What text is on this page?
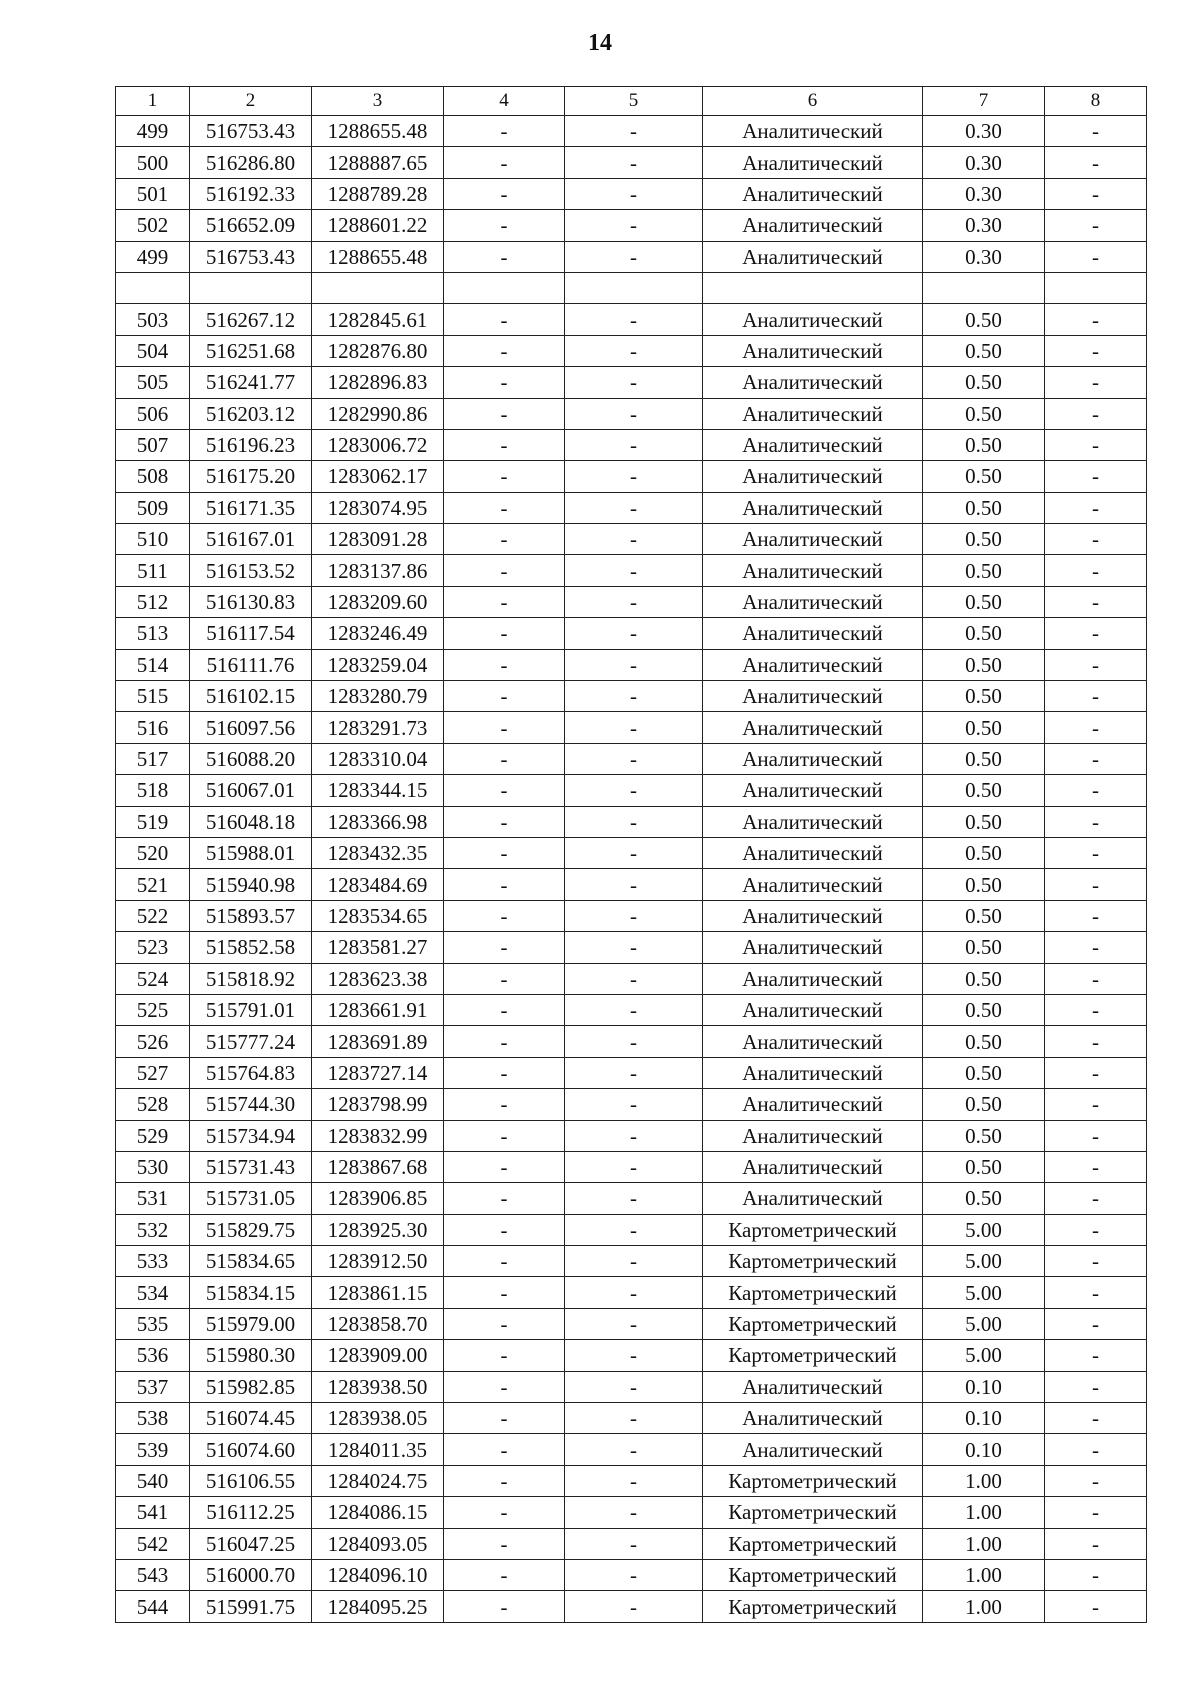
14
1	2	3	4	5	6	7	8
499	516753.43	1288655.48	-	-	Аналитический	0.30	-
500	516286.80	1288887.65	-	-	Аналитический	0.30	-
501	516192.33	1288789.28	-	-	Аналитический	0.30	-
502	516652.09	1288601.22	-	-	Аналитический	0.30	-
499	516753.43	1288655.48	-	-	Аналитический	0.30	-

503	516267.12	1282845.61	-	-	Аналитический	0.50	-
504	516251.68	1282876.80	-	-	Аналитический	0.50	-
505	516241.77	1282896.83	-	-	Аналитический	0.50	-
506	516203.12	1282990.86	-	-	Аналитический	0.50	-
507	516196.23	1283006.72	-	-	Аналитический	0.50	-
508	516175.20	1283062.17	-	-	Аналитический	0.50	-
509	516171.35	1283074.95	-	-	Аналитический	0.50	-
510	516167.01	1283091.28	-	-	Аналитический	0.50	-
511	516153.52	1283137.86	-	-	Аналитический	0.50	-
512	516130.83	1283209.60	-	-	Аналитический	0.50	-
513	516117.54	1283246.49	-	-	Аналитический	0.50	-
514	516111.76	1283259.04	-	-	Аналитический	0.50	-
515	516102.15	1283280.79	-	-	Аналитический	0.50	-
516	516097.56	1283291.73	-	-	Аналитический	0.50	-
517	516088.20	1283310.04	-	-	Аналитический	0.50	-
518	516067.01	1283344.15	-	-	Аналитический	0.50	-
519	516048.18	1283366.98	-	-	Аналитический	0.50	-
520	515988.01	1283432.35	-	-	Аналитический	0.50	-
521	515940.98	1283484.69	-	-	Аналитический	0.50	-
522	515893.57	1283534.65	-	-	Аналитический	0.50	-
523	515852.58	1283581.27	-	-	Аналитический	0.50	-
524	515818.92	1283623.38	-	-	Аналитический	0.50	-
525	515791.01	1283661.91	-	-	Аналитический	0.50	-
526	515777.24	1283691.89	-	-	Аналитический	0.50	-
527	515764.83	1283727.14	-	-	Аналитический	0.50	-
528	515744.30	1283798.99	-	-	Аналитический	0.50	-
529	515734.94	1283832.99	-	-	Аналитический	0.50	-
530	515731.43	1283867.68	-	-	Аналитический	0.50	-
531	515731.05	1283906.85	-	-	Аналитический	0.50	-
532	515829.75	1283925.30	-	-	Картометрический	5.00	-
533	515834.65	1283912.50	-	-	Картометрический	5.00	-
534	515834.15	1283861.15	-	-	Картометрический	5.00	-
535	515979.00	1283858.70	-	-	Картометрический	5.00	-
536	515980.30	1283909.00	-	-	Картометрический	5.00	-
537	515982.85	1283938.50	-	-	Аналитический	0.10	-
538	516074.45	1283938.05	-	-	Аналитический	0.10	-
539	516074.60	1284011.35	-	-	Аналитический	0.10	-
540	516106.55	1284024.75	-	-	Картометрический	1.00	-
541	516112.25	1284086.15	-	-	Картометрический	1.00	-
542	516047.25	1284093.05	-	-	Картометрический	1.00	-
543	516000.70	1284096.10	-	-	Картометрический	1.00	-
544	515991.75	1284095.25	-	-	Картометрический	1.00	-
